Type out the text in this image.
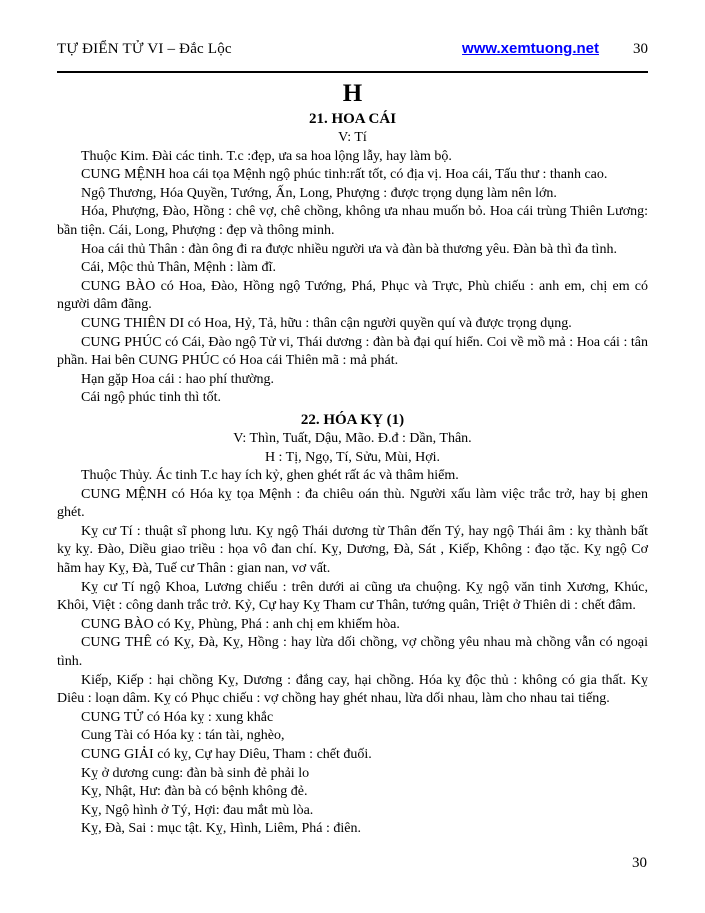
TỰ ĐIỂN TỬ VI – Đắc Lộc	www.xemtuong.net 30
H
21. HOA CÁI
V: Tí

Thuộc Kim. Đài các tinh. T.c :đẹp, ưa sa hoa lộng lẫy, hay làm bộ.

CUNG MỆNH hoa cái tọa Mệnh ngộ phúc tinh:rất tốt, có địa vị. Hoa cái, Tấu thư : thanh cao.

Ngộ Thương, Hóa Quyền, Tướng, Ấn, Long, Phượng : được trọng dụng làm nên lớn.

Hóa, Phượng, Đào, Hồng : chê vợ, chê chồng, không ưa nhau muốn bỏ. Hoa cái trùng Thiên Lương: bần tiện. Cái, Long, Phượng : đẹp và thông minh.

Hoa cái thủ Thân : đàn ông đi ra được nhiều người ưa và đàn bà thương yêu. Đàn bà thì đa tình.

Cái, Mộc thủ Thân, Mệnh : làm đĩ.

CUNG BÀO có Hoa, Đào, Hồng ngộ Tướng, Phá, Phục và Trực, Phù chiếu : anh em, chị em có người dâm đãng.

CUNG THIÊN DI có Hoa, Hỷ, Tả, hữu : thân cận người quyền quí và được trọng dụng.

CUNG PHÚC có Cái, Đào ngộ Tử vi, Thái dương : đàn bà đại quí hiển. Coi về mồ mả : Hoa cái : tân phần. Hai bên CUNG PHÚC có Hoa cái Thiên mã : mả phát.

Hạn gặp Hoa cái : hao phí thường.

Cái ngộ phúc tinh thì tốt.

22. HÓA KỴ (1)
V: Thìn, Tuất, Dậu, Mão. Đ.đ : Dần, Thân.
H : Tị, Ngọ, Tí, Sửu, Mùi, Hợi.

Thuộc Thủy. Ác tinh T.c hay ích kỷ, ghen ghét rất ác và thâm hiểm.

CUNG MỆNH có Hóa kỵ tọa Mệnh : đa chiêu oán thù. Người xấu làm việc trắc trở, hay bị ghen ghét.

Kỵ cư Tí : thuật sĩ phong lưu. Kỵ ngộ Thái dương từ Thân đến Tý, hay ngộ Thái âm : kỵ thành bất kỵ kỵ. Đào, Diều giao triều : họa vô đan chí. Kỵ, Dương, Đà, Sát , Kiếp, Không : đạo tặc. Kỵ ngộ Cơ hãm hay Kỵ, Đà, Tuế cư Thân : gian nan, vơ vất.

Kỵ cư Tí ngộ Khoa, Lương chiếu : trên dưới ai cũng ưa chuộng. Kỵ ngộ văn tinh Xương, Khúc, Khôi, Việt : công danh trắc trở. Kỷ, Cự hay Kỵ Tham cư Thân, tướng quân, Triệt ở Thiên di : chết đâm.

CUNG BÀO có Kỵ, Phùng, Phá : anh chị em khiếm hòa.

CUNG THÊ có Kỵ, Đà, Kỵ, Hồng : hay lừa dối chồng, vợ chồng yêu nhau mà chồng vẫn có ngoại tình.

Kiếp, Kiếp : hại chồng Kỵ, Dương : đắng cay, hại chồng. Hóa kỵ độc thủ : không có gia thất. Kỵ Diêu : loạn dâm. Kỵ có Phục chiếu : vợ chồng hay ghét nhau, lừa dối nhau, làm cho nhau tai tiếng.

CUNG TỬ có Hóa kỵ : xung khắc

Cung Tài có Hóa kỵ : tán tài, nghèo,

CUNG GIẢI có kỵ, Cự hay Diêu, Tham : chết đuối.

Kỵ ở dương cung: đàn bà sinh đẻ phải lo

Kỵ, Nhật, Hư: đàn bà có bệnh không đẻ.

Kỵ, Ngộ hình ở Tý, Hợi: đau mắt mù lòa.

Kỵ, Đà, Sai : mục tật. Kỵ, Hình, Liêm, Phá : điên.

30
